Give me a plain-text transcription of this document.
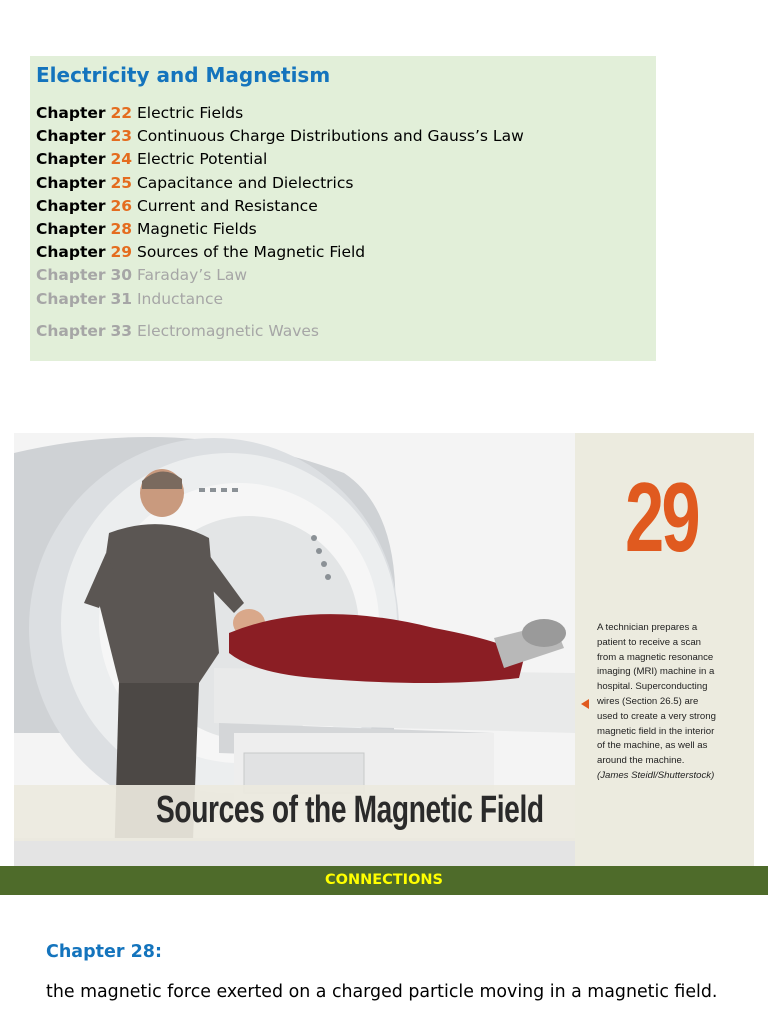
Electricity and Magnetism
Chapter 22 Electric Fields
Chapter 23 Continuous Charge Distributions and Gauss’s Law
Chapter 24 Electric Potential
Chapter 25 Capacitance and Dielectrics
Chapter 26 Current and Resistance
Chapter 28 Magnetic Fields
Chapter 29 Sources of the Magnetic Field
Chapter 30 Faraday’s Law
Chapter 31 Inductance
Chapter 33 Electromagnetic Waves
Sources of the Magnetic Field
29
A technician prepares a
patient to receive a scan
from a magnetic resonance
imaging (MRI) machine in a
hospital. Superconducting
wires (Section 26.5) are
used to create a very strong
magnetic field in the interior
of the machine, as well as
around the machine.
(James Steidl/Shutterstock)
CONNECTIONS
Chapter 28:
the magnetic force exerted on a charged particle moving in a magnetic field.
